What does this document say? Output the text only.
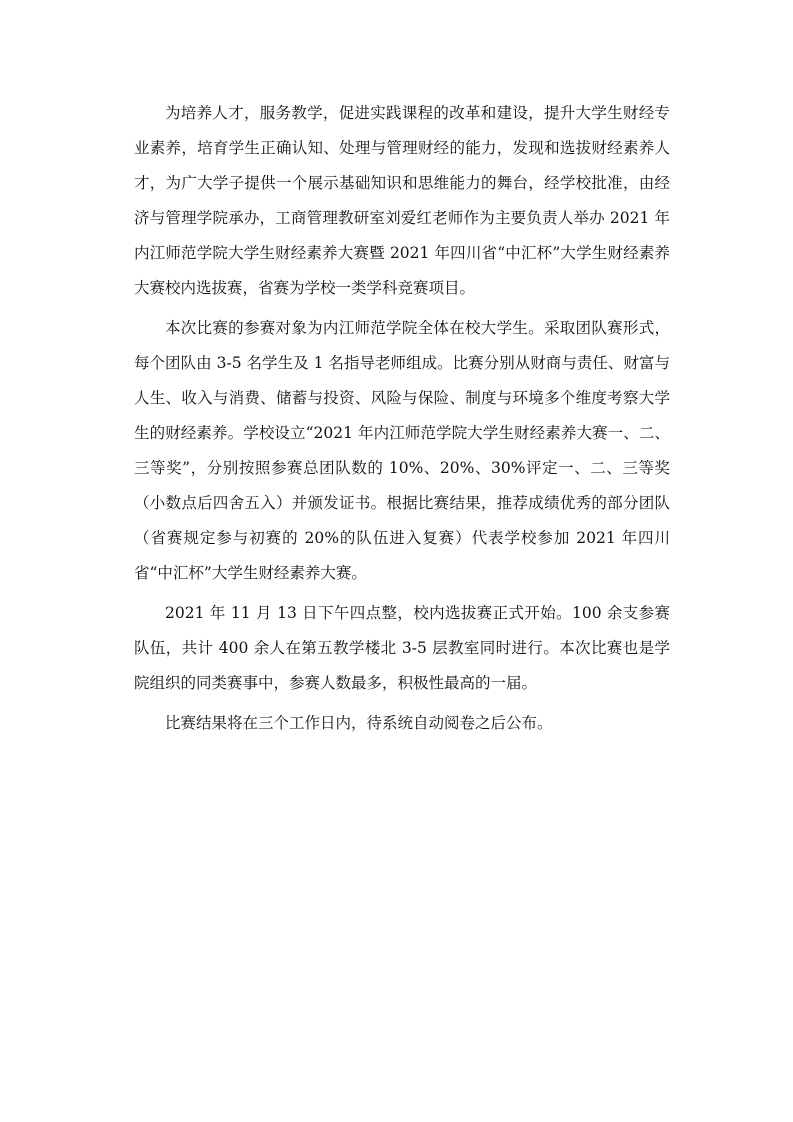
为培养人才，服务教学，促进实践课程的改革和建设，提升大学生财经专业素养，培育学生正确认知、处理与管理财经的能力，发现和选拔财经素养人才，为广大学子提供一个展示基础知识和思维能力的舞台，经学校批准，由经济与管理学院承办，工商管理教研室刘爱红老师作为主要负责人举办 2021 年内江师范学院大学生财经素养大赛暨 2021 年四川省“中汇杯”大学生财经素养大赛校内选拔赛，省赛为学校一类学科竞赛项目。

本次比赛的参赛对象为内江师范学院全体在校大学生。采取团队赛形式，每个团队由 3-5 名学生及 1 名指导老师组成。比赛分别从财商与责任、财富与人生、收入与消费、储蓄与投资、风险与保险、制度与环境多个维度考察大学生的财经素养。学校设立“2021 年内江师范学院大学生财经素养大赛一、二、三等奖”，分别按照参赛总团队数的 10%、20%、30%评定一、二、三等奖（小数点后四舍五入）并颁发证书。根据比赛结果，推荐成绩优秀的部分团队（省赛规定参与初赛的 20%的队伍进入复赛）代表学校参加 2021 年四川省“中汇杯”大学生财经素养大赛。

2021 年 11 月 13 日下午四点整，校内选拔赛正式开始。100 余支参赛队伍，共计 400 余人在第五教学楼北 3-5 层教室同时进行。本次比赛也是学院组织的同类赛事中，参赛人数最多，积极性最高的一届。

比赛结果将在三个工作日内，待系统自动阅卷之后公布。
